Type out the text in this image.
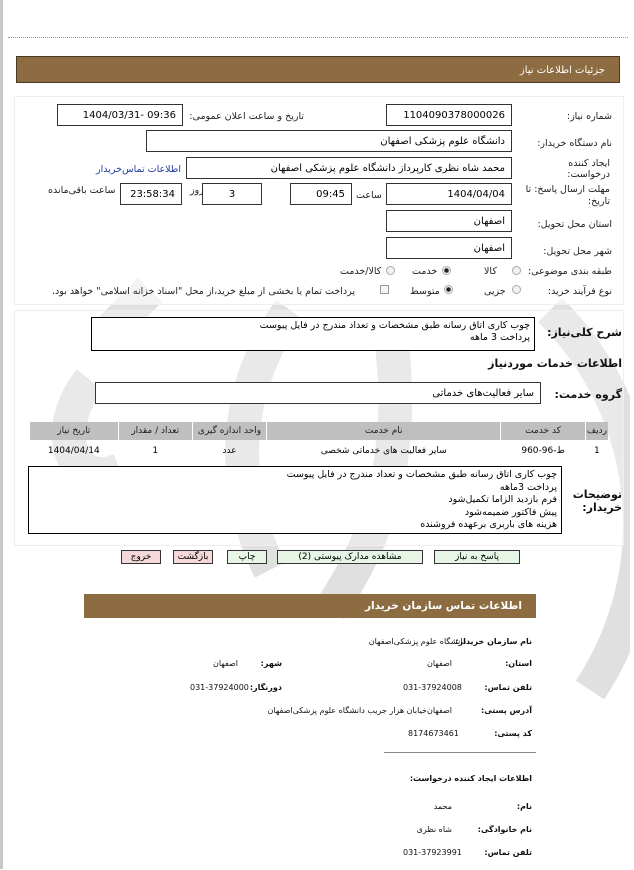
جزئیات اطلاعات نیاز
شماره نیاز:
1104090378000026
تاریخ و ساعت اعلان عمومی:
1404/03/31- 09:36
نام دستگاه خریدار:
دانشگاه علوم پزشکی اصفهان
ایجاد کننده درخواست:
محمد شاه نظری کارپرداز دانشگاه علوم پزشکی اصفهان
اطلاعات تماس‌خریدار
مهلت ارسال پاسخ: تا تاریخ:
1404/04/04
ساعت
09:45
3
روز
23:58:34
ساعت باقی‌مانده
استان محل تحویل:
اصفهان
شهر محل تحویل:
اصفهان
طبقه بندی موضوعی:
کالا
خدمت
کالا/خدمت
نوع فرآیند خرید:
جزیی
متوسط
پرداخت تمام یا بخشی از مبلغ خرید،از محل "اسناد خزانه اسلامی" خواهد بود.
شرح کلی‌نیاز:
چوب کاری اتاق رسانه طبق مشخصات و تعداد مندرج در فایل پیوست
پرداخت 3 ماهه
اطلاعات خدمات موردنیاز
گروه خدمت:
سایر فعالیت‌های خدماتی
ردیف	کد خدمت	نام خدمت	واحد اندازه گیری	تعداد / مقدار	تاریخ نیاز
1	ط-96-960	سایر فعالیت های خدماتی شخصی	عدد	1	1404/04/14
توضیحات خریدار:
چوب کاری اتاق رسانه طبق مشخصات و تعداد مندرج در فایل پیوست
پرداخت 3ماهه
فرم بازدید الزاما تکمیل‌شود
پیش فاکتور ضمیمه‌شود
هزینه های باربری برعهده فروشنده
پاسخ به نیاز
مشاهده مدارک پیوستی (2)
چاپ
بازگشت
خروج
اطلاعات تماس سازمان خریدار
نام سازمان خریدار:
دانشگاه علوم پزشکی‌اصفهان
استان:
اصفهان
شهر:
اصفهان
تلفن تماس:
031-37924008
دورنگار:
031-37924000
آدرس پستی:
اصفهان‌خیابان هزار جریب دانشگاه علوم پزشکی‌اصفهان
کد پستی:
8174673461
اطلاعات ایجاد کننده درخواست:
نام:
محمد
نام خانوادگی:
شاه نظری
تلفن تماس:
031-37923991
